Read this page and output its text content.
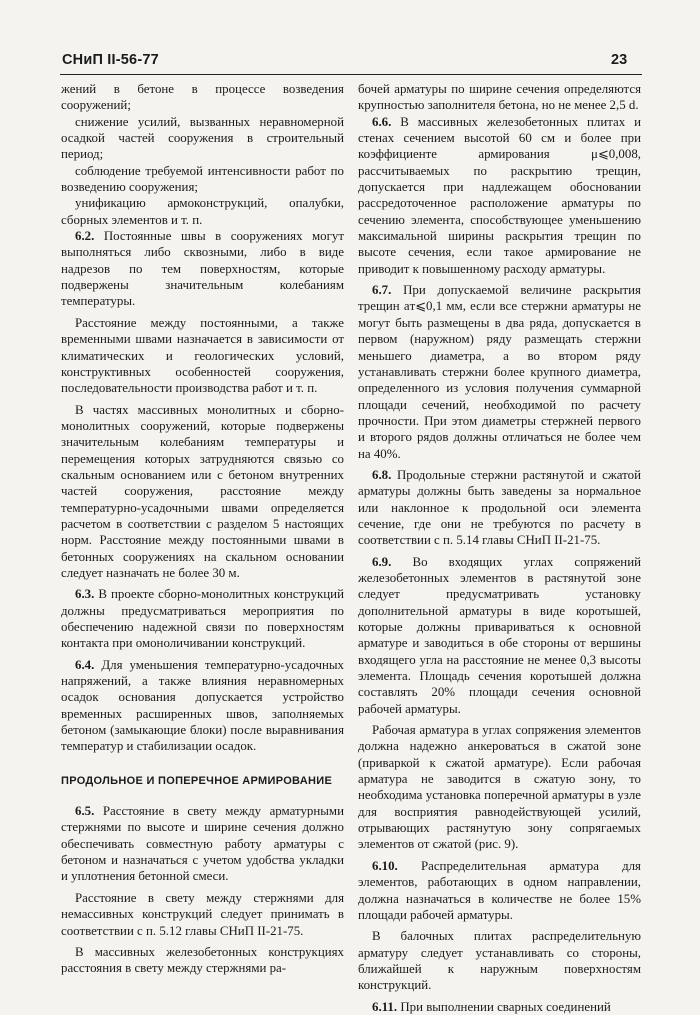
СНиП II-56-77	23

жений в бетоне в процессе возведения сооружений;

снижение усилий, вызванных неравномерной осадкой частей сооружения в строительный период;

соблюдение требуемой интенсивности работ по возведению сооружения;

унификацию армоконструкций, опалубки, сборных элементов и т. п.

6.2. Постоянные швы в сооружениях могут выполняться либо сквозными, либо в виде надрезов по тем поверхностям, которые подвержены значительным колебаниям температуры.

Расстояние между постоянными, а также временными швами назначается в зависимости от климатических и геологических условий, конструктивных особенностей сооружения, последовательности производства работ и т. п.

В частях массивных монолитных и сборно-монолитных сооружений, которые подвержены значительным колебаниям температуры и перемещения которых затрудняются связью со скальным основанием или с бетоном внутренних частей сооружения, расстояние между температурно-усадочными швами определяется расчетом в соответствии с разделом 5 настоящих норм. Расстояние между постоянными швами в бетонных сооружениях на скальном основании следует назначать не более 30 м.

6.3. В проекте сборно-монолитных конструкций должны предусматриваться мероприятия по обеспечению надежной связи по поверхностям контакта при омоноличивании конструкций.

6.4. Для уменьшения температурно-усадочных напряжений, а также влияния неравномерных осадок основания допускается устройство временных расширенных швов, заполняемых бетоном (замыкающие блоки) после выравнивания температур и стабилизации осадок.

ПРОДОЛЬНОЕ И ПОПЕРЕЧНОЕ АРМИРОВАНИЕ

6.5. Расстояние в свету между арматурными стержнями по высоте и ширине сечения должно обеспечивать совместную работу арматуры с бетоном и назначаться с учетом удобства укладки и уплотнения бетонной смеси.

Расстояние в свету между стержнями для немассивных конструкций следует принимать в соответствии с п. 5.12 главы СНиП II-21-75.

В массивных железобетонных конструкциях расстояния в свету между стержнями ра-

бочей арматуры по ширине сечения определяются крупностью заполнителя бетона, но не менее 2,5 d.

6.6. В массивных железобетонных плитах и стенах сечением высотой 60 см и более при коэффициенте армирования μ⩽0,008, рассчитываемых по раскрытию трещин, допускается при надлежащем обосновании рассредоточенное расположение арматуры по сечению элемента, способствующее уменьшению максимальной ширины раскрытия трещин по высоте сечения, если такое армирование не приводит к повышенному расходу арматуры.

6.7. При допускаемой величине раскрытия трещин aт⩽0,1 мм, если все стержни арматуры не могут быть размещены в два ряда, допускается в первом (наружном) ряду размещать стержни меньшего диаметра, а во втором ряду устанавливать стержни более крупного диаметра, определенного из условия получения суммарной площади сечений, необходимой по расчету прочности. При этом диаметры стержней первого и второго рядов должны отличаться не более чем на 40%.

6.8. Продольные стержни растянутой и сжатой арматуры должны быть заведены за нормальное или наклонное к продольной оси элемента сечение, где они не требуются по расчету в соответствии с п. 5.14 главы СНиП II-21-75.

6.9. Во входящих углах сопряжений железобетонных элементов в растянутой зоне следует предусматривать установку дополнительной арматуры в виде коротышей, которые должны привариваться к основной арматуре и заводиться в обе стороны от вершины входящего угла на расстояние не менее 0,3 высоты элемента. Площадь сечения коротышей должна составлять 20% площади сечения основной рабочей арматуры.

Рабочая арматура в углах сопряжения элементов должна надежно анкероваться в сжатой зоне (приваркой к сжатой арматуре). Если рабочая арматура не заводится в сжатую зону, то необходима установка поперечной арматуры в узле для восприятия равнодействующей усилий, отрывающих растянутую зону сопрягаемых элементов от сжатой (рис. 9).

6.10. Распределительная арматура для элементов, работающих в одном направлении, должна назначаться в количестве не более 15% площади рабочей арматуры.

В балочных плитах распределительную арматуру следует устанавливать со стороны, ближайшей к наружным поверхностям конструкций.

6.11. При выполнении сварных соединений
